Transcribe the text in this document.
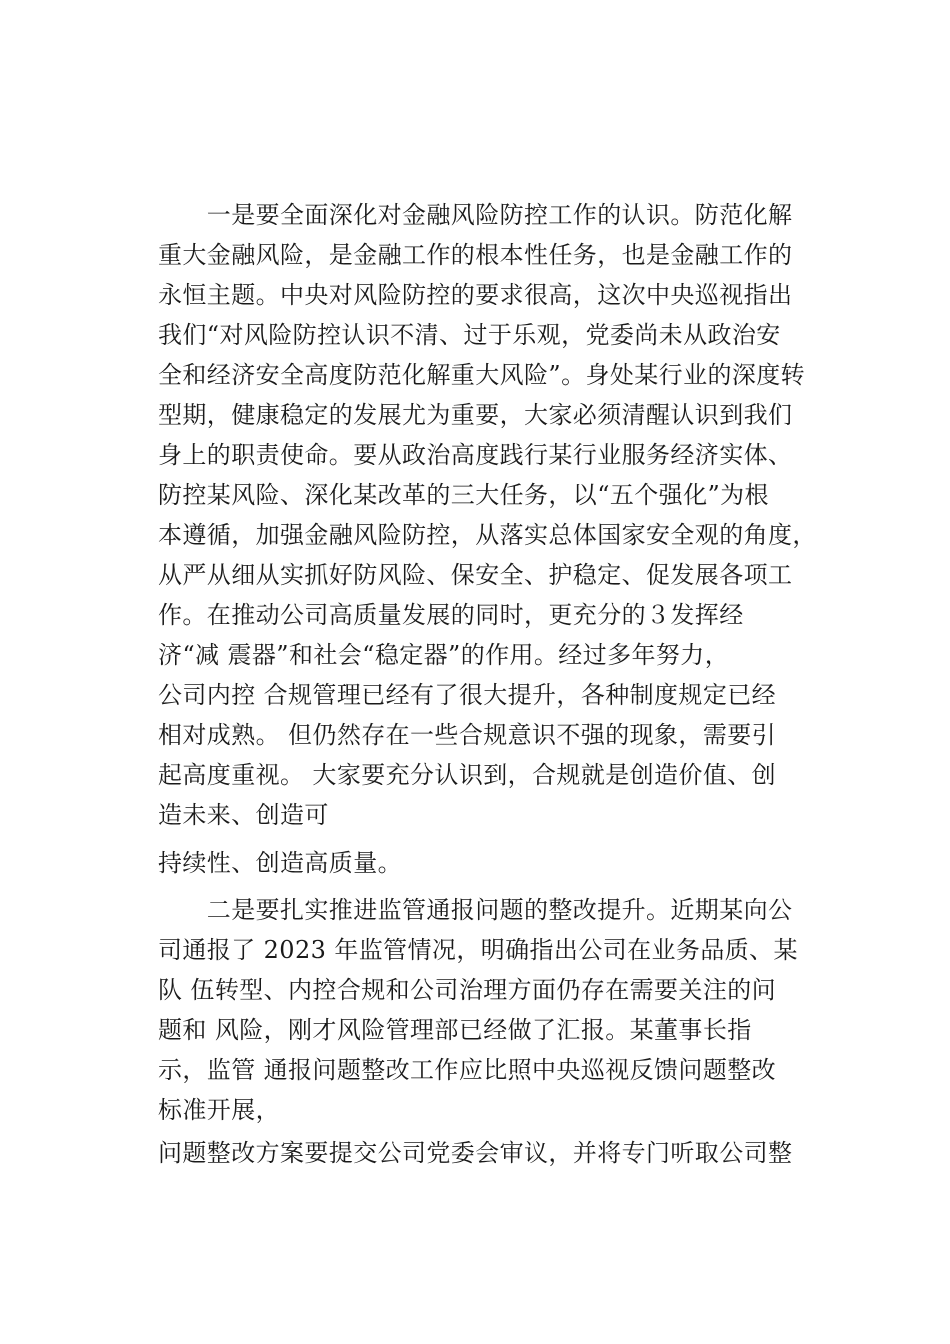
　　一是要全面深化对金融风险防控工作的认识。防范化解
重大金融风险，是金融工作的根本性任务，也是金融工作的
永恒主题。中央对风险防控的要求很高，这次中央巡视指出
我们“对风险防控认识不清、过于乐观，党委尚未从政治安
全和经济安全高度防范化解重大风险”。身处某行业的深度转
型期，健康稳定的发展尤为重要，大家必须清醒认识到我们
身上的职责使命。要从政治高度践行某行业服务经济实体、
防控某风险、深化某改革的三大任务，以“五个强化”为根
本遵循，加强金融风险防控，从落实总体国家安全观的角度，
从严从细从实抓好防风险、保安全、护稳定、促发展各项工
作。在推动公司高质量发展的同时，更充分的３发挥经
济“减 震器”和社会“稳定器”的作用。经过多年努力，
公司内控 合规管理已经有了很大提升，各种制度规定已经
相对成熟。 但仍然存在一些合规意识不强的现象，需要引
起高度重视。 大家要充分认识到，合规就是创造价值、创
造未来、创造可
持续性、创造高质量。
　　二是要扎实推进监管通报问题的整改提升。近期某向公
司通报了 2023 年监管情况，明确指出公司在业务品质、某
队 伍转型、内控合规和公司治理方面仍存在需要关注的问
题和 风险，刚才风险管理部已经做了汇报。某董事长指
示，监管 通报问题整改工作应比照中央巡视反馈问题整改
标准开展，
问题整改方案要提交公司党委会审议，并将专门听取公司整
